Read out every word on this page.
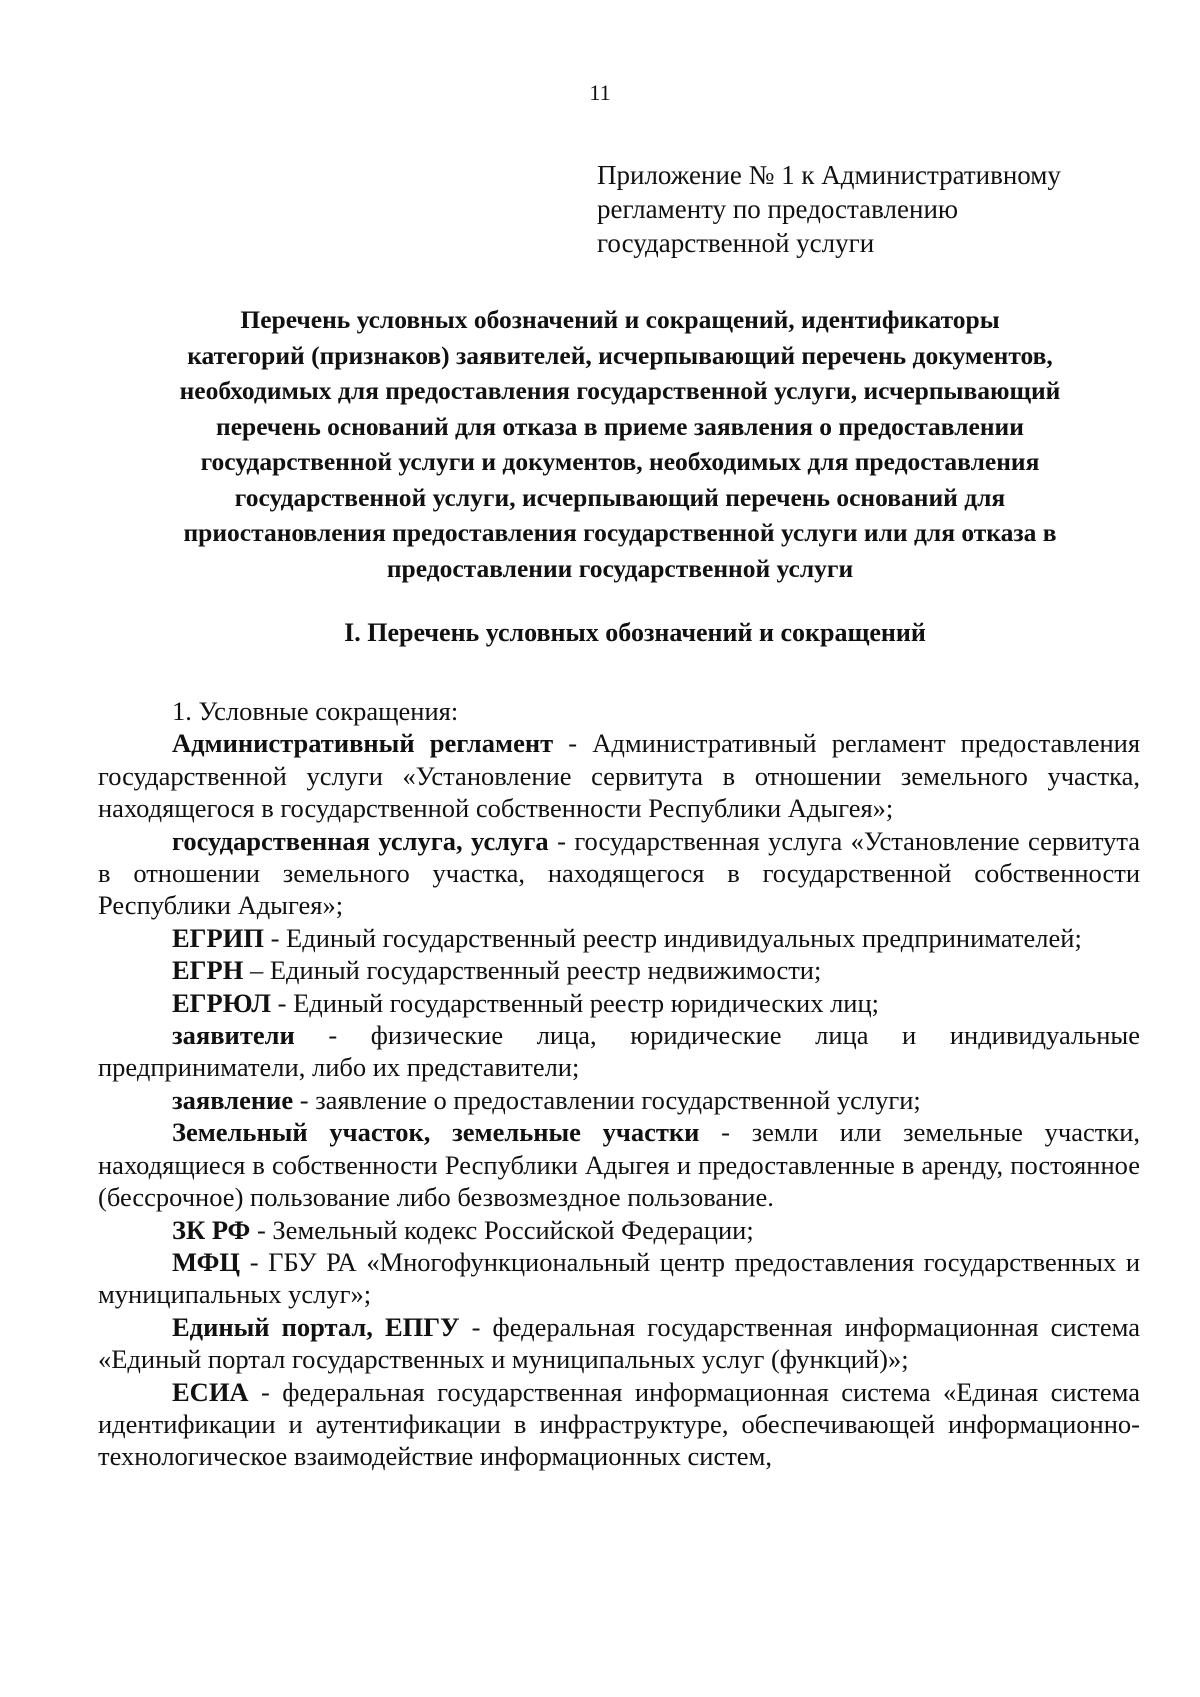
11
Приложение № 1 к Административному
регламенту по предоставлению
государственной услуги
Перечень условных обозначений и сокращений, идентификаторы
категорий (признаков) заявителей, исчерпывающий перечень документов,
необходимых для предоставления государственной услуги, исчерпывающий
перечень оснований для отказа в приеме заявления о предоставлении
государственной услуги и документов, необходимых для предоставления
государственной услуги, исчерпывающий перечень оснований для
приостановления предоставления государственной услуги или для отказа в
предоставлении государственной услуги
I. Перечень условных обозначений и сокращений

1. Условные сокращения:

Административный регламент - Административный регламент предоставления государственной услуги «Установление сервитута в отношении земельного участка, находящегося в государственной собственности Республики Адыгея»;

государственная услуга, услуга - государственная услуга «Установление сервитута в отношении земельного участка, находящегося в государственной собственности Республики Адыгея»;

ЕГРИП - Единый государственный реестр индивидуальных предпринимателей;

ЕГРН – Единый государственный реестр недвижимости;

ЕГРЮЛ - Единый государственный реестр юридических лиц;

заявители - физические лица, юридические лица и индивидуальные предприниматели, либо их представители;

заявление - заявление о предоставлении государственной услуги;

Земельный участок, земельные участки - земли или земельные участки, находящиеся в собственности Республики Адыгея и предоставленные в аренду, постоянное (бессрочное) пользование либо безвозмездное пользование.

ЗК РФ - Земельный кодекс Российской Федерации;

МФЦ - ГБУ РА «Многофункциональный центр предоставления государственных и муниципальных услуг»;

Единый портал, ЕПГУ - федеральная государственная информационная система «Единый портал государственных и муниципальных услуг (функций)»;

ЕСИА - федеральная государственная информационная система «Единая система идентификации и аутентификации в инфраструктуре, обеспечивающей информационно-технологическое взаимодействие информационных систем,
